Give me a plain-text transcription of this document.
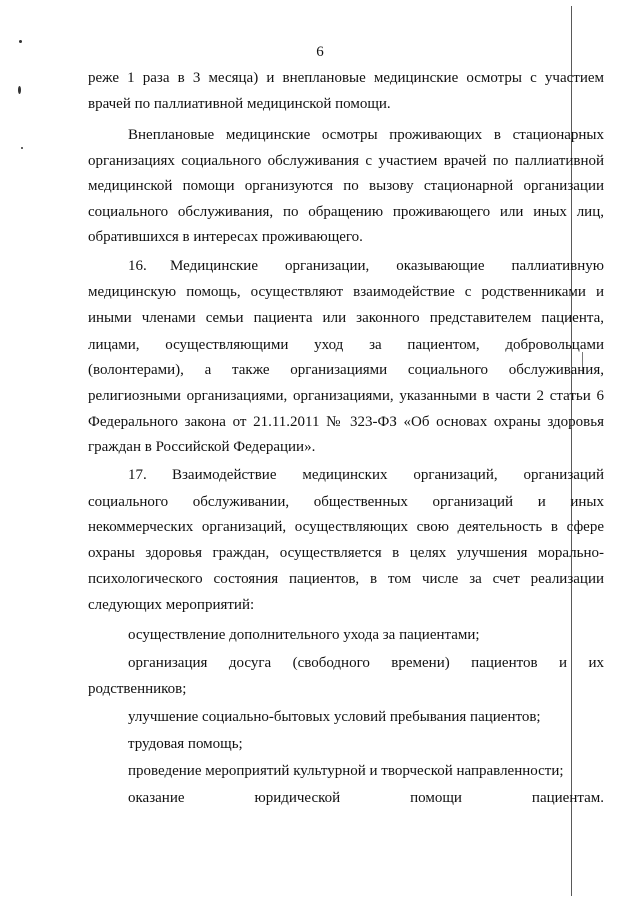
6
реже 1 раза в 3 месяца) и внеплановые медицинские осмотры с участием
врачей по паллиативной медицинской помощи.
Внеплановые медицинские осмотры проживающих в стационарных
организациях социального обслуживания с участием врачей по паллиативной
медицинской помощи организуются по вызову стационарной организации
социального обслуживания, по обращению проживающего или иных лиц,
обратившихся в интересах проживающего.
16. Медицинские организации, оказывающие паллиативную
медицинскую помощь, осуществляют взаимодействие с родственниками и
иными членами семьи пациента или законного представителем пациента,
лицами, осуществляющими уход за пациентом, добровольцами
(волонтерами), а также организациями социального обслуживания,
религиозными организациями, организациями, указанными в части 2 статьи 6
Федерального закона от 21.11.2011 № 323-ФЗ «Об основах охраны здоровья
граждан в Российской Федерации».
17. Взаимодействие медицинских организаций, организаций
социального обслуживании, общественных организаций и иных
некоммерческих организаций, осуществляющих свою деятельность в сфере
охраны здоровья граждан, осуществляется в целях улучшения морально-
психологического состояния пациентов, в том числе за счет реализации
следующих мероприятий:
осуществление дополнительного ухода за пациентами;
организация досуга (свободного времени) пациентов и их
родственников;
улучшение социально-бытовых условий пребывания пациентов;
трудовая помощь;
проведение мероприятий культурной и творческой направленности;
оказание юридической помощи пациентам.
